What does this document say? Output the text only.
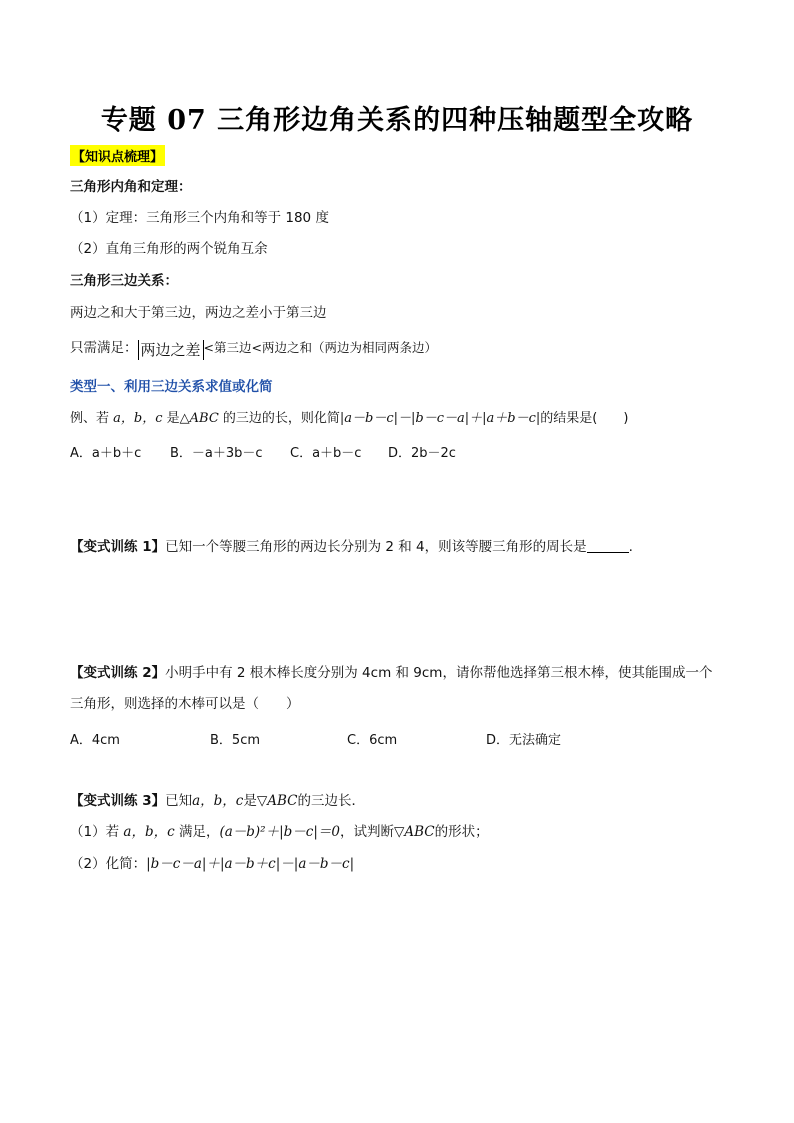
专题 07 三角形边角关系的四种压轴题型全攻略
【知识点梳理】
三角形内角和定理：
（1）定理：三角形三个内角和等于 180 度
（2）直角三角形的两个锐角互余
三角形三边关系：
两边之和大于第三边，两边之差小于第三边
只需满足： 两边之差 <第三边<两边之和（两边为相同两条边）
类型一、利用三边关系求值或化简
例、若 a，b，c 是△ABC 的三边的长，则化简|a－b－c|－|b－c－a|＋|a＋b－c|的结果是(　　)
A．a＋b＋c B．－a＋3b－c C．a＋b－c D．2b－2c
【变式训练 1】已知一个等腰三角形的两边长分别为 2 和 4，则该等腰三角形的周长是	.
【变式训练 2】小明手中有 2 根木棒长度分别为 4cm 和 9cm，请你帮他选择第三根木棒，使其能围成一个
三角形，则选择的木棒可以是（　　）
A．4cm	B．5cm	C．6cm	D．无法确定
【变式训练 3】已知a，b，c是▽ABC的三边长．
（1）若 a，b，c 满足，(a－b)²＋|b－c|＝0，试判断▽ABC的形状；
（2）化简：|b－c－a|＋|a－b＋c|－|a－b－c|
